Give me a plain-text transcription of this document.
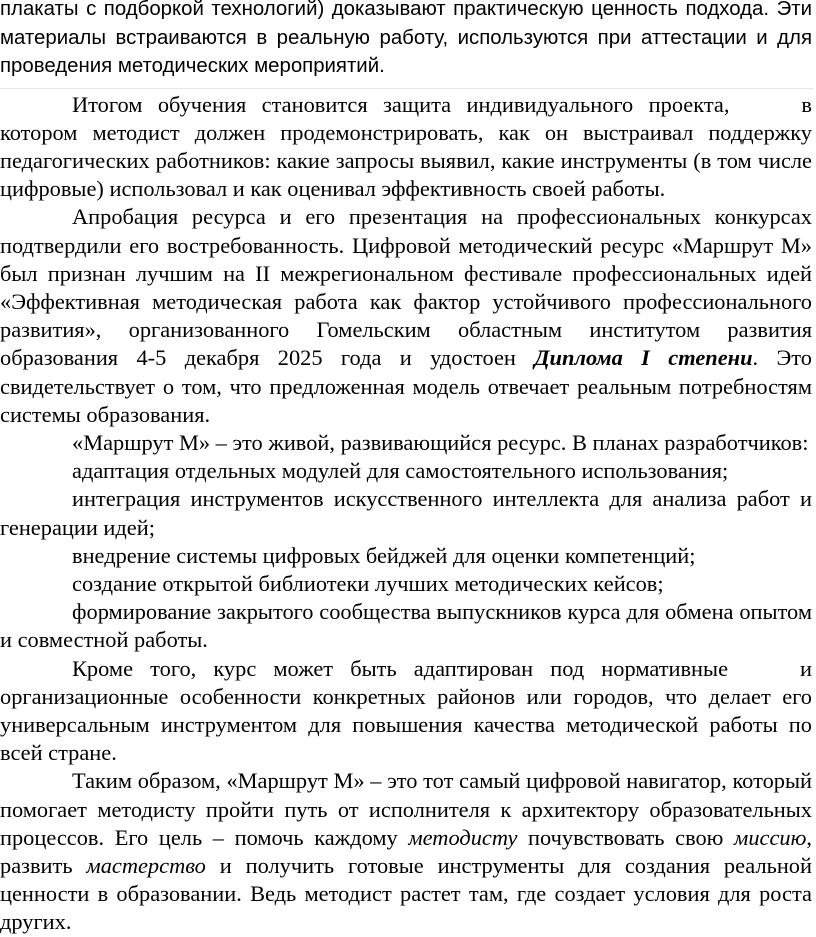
плакаты с подборкой технологий) доказывают практическую ценность подхода. Эти материалы встраиваются в реальную работу, используются при аттестации и для проведения методических мероприятий.

Итогом обучения становится защита индивидуального проекта,	в котором методист должен продемонстрировать, как он выстраивал поддержку педагогических работников: какие запросы выявил, какие инструменты (в том числе цифровые) использовал и как оценивал эффективность своей работы.

Апробация ресурса и его презентация на профессиональных конкурсах подтвердили его востребованность. Цифровой методический ресурс «Маршрут М» был признан лучшим на II межрегиональном фестивале профессиональных идей «Эффективная методическая работа как фактор устойчивого профессионального развития», организованного Гомельским областным институтом развития образования 4-5 декабря 2025 года и удостоен Диплома I степени. Это свидетельствует о том, что предложенная модель отвечает реальным потребностям системы образования.

«Маршрут М» – это живой, развивающийся ресурс. В планах разработчиков:

адаптация отдельных модулей для самостоятельного использования;

интеграция инструментов искусственного интеллекта для анализа работ и генерации идей;

внедрение системы цифровых бейджей для оценки компетенций;

создание открытой библиотеки лучших методических кейсов;

формирование закрытого сообщества выпускников курса для обмена опытом и совместной работы.

Кроме того, курс может быть адаптирован под нормативные	и организационные особенности конкретных районов или городов, что делает его универсальным инструментом для повышения качества методической работы по всей стране.

Таким образом, «Маршрут М» – это тот самый цифровой навигатор, который помогает методисту пройти путь от исполнителя к архитектору образовательных процессов. Его цель – помочь каждому методисту почувствовать свою миссию, развить мастерство и получить готовые инструменты для создания реальной ценности в образовании. Ведь методист растет там, где создает условия для роста других.
